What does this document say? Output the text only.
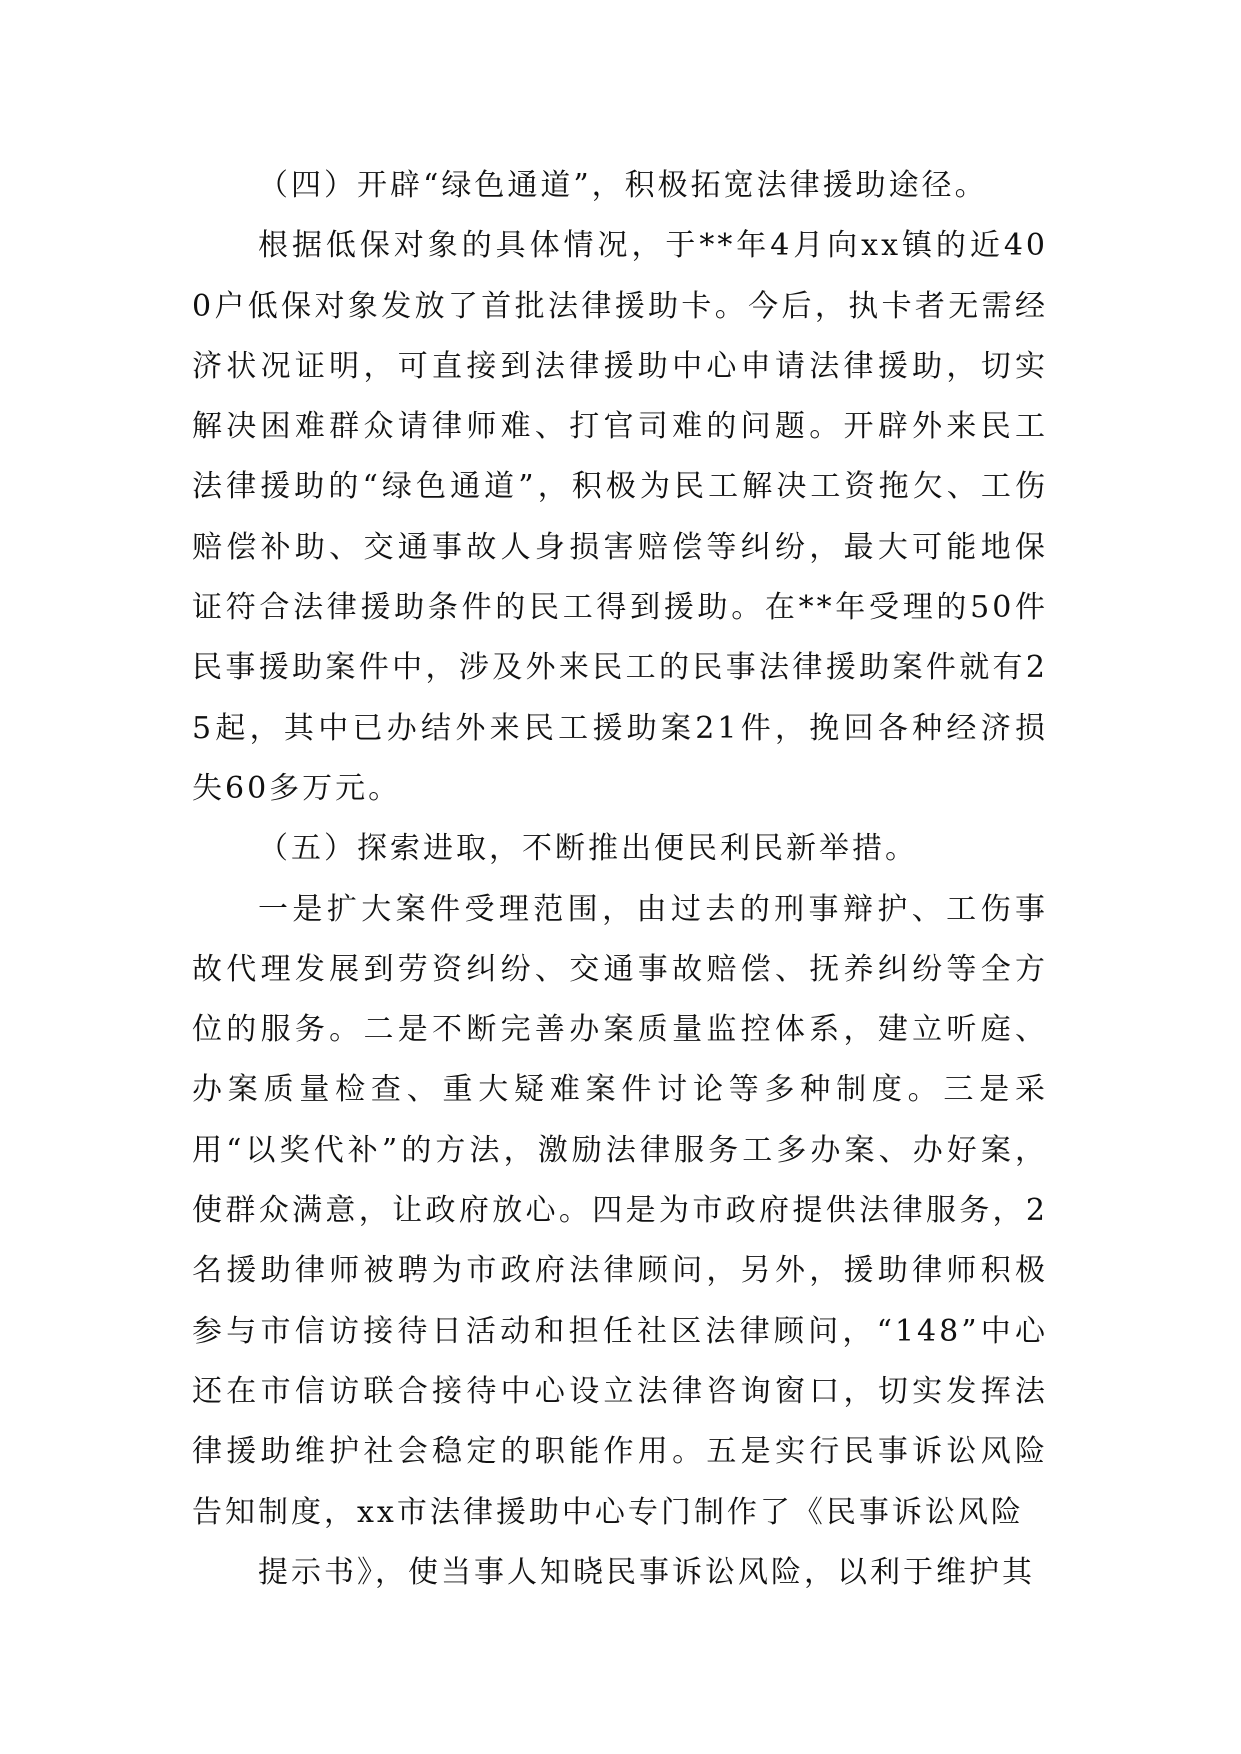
（四）开辟“绿色通道”，积极拓宽法律援助途径。

根据低保对象的具体情况，于**年4月向xx镇的近400户低保对象发放了首批法律援助卡。今后，执卡者无需经济状况证明，可直接到法律援助中心申请法律援助，切实解决困难群众请律师难、打官司难的问题。开辟外来民工法律援助的“绿色通道”，积极为民工解决工资拖欠、工伤赔偿补助、交通事故人身损害赔偿等纠纷，最大可能地保证符合法律援助条件的民工得到援助。在**年受理的50件民事援助案件中，涉及外来民工的民事法律援助案件就有25起，其中已办结外来民工援助案21件，挽回各种经济损失60多万元。

（五）探索进取，不断推出便民利民新举措。

一是扩大案件受理范围，由过去的刑事辩护、工伤事故代理发展到劳资纠纷、交通事故赔偿、抚养纠纷等全方位的服务。二是不断完善办案质量监控体系，建立听庭、办案质量检查、重大疑难案件讨论等多种制度。三是采用“以奖代补”的方法，激励法律服务工多办案、办好案，使群众满意，让政府放心。四是为市政府提供法律服务，2名援助律师被聘为市政府法律顾问，另外，援助律师积极参与市信访接待日活动和担任社区法律顾问，“148”中心还在市信访联合接待中心设立法律咨询窗口，切实发挥法律援助维护社会稳定的职能作用。五是实行民事诉讼风险告知制度，xx市法律援助中心专门制作了《民事诉讼风险

提示书》，使当事人知晓民事诉讼风险，以利于维护其
